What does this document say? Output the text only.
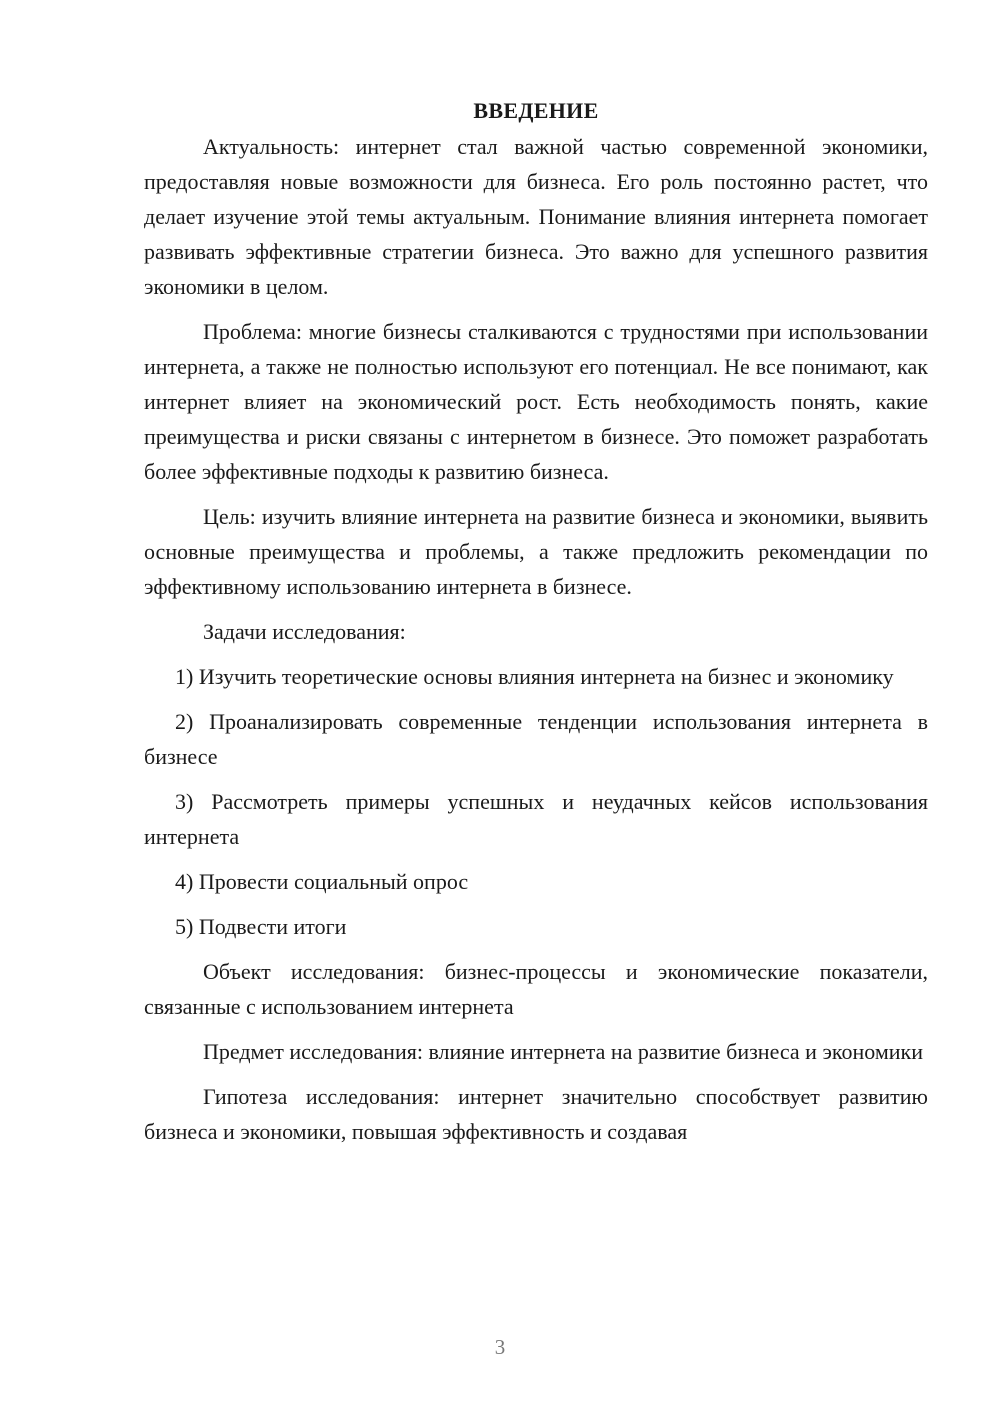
ВВЕДЕНИЕ
Актуальность: интернет стал важной частью современной экономики, предоставляя новые возможности для бизнеса. Его роль постоянно растет, что делает изучение этой темы актуальным. Понимание влияния интернета помогает развивать эффективные стратегии бизнеса. Это важно для успешного развития экономики в целом.
Проблема: многие бизнесы сталкиваются с трудностями при использовании интернета, а также не полностью используют его потенциал. Не все понимают, как интернет влияет на экономический рост. Есть необходимость понять, какие преимущества и риски связаны с интернетом в бизнесе. Это поможет разработать более эффективные подходы к развитию бизнеса.
Цель: изучить влияние интернета на развитие бизнеса и экономики, выявить основные преимущества и проблемы, а также предложить рекомендации по эффективному использованию интернета в бизнесе.
Задачи исследования:
1) Изучить теоретические основы влияния интернета на бизнес и экономику
2) Проанализировать современные тенденции использования интернета в бизнесе
3) Рассмотреть примеры успешных и неудачных кейсов использования интернета
4) Провести социальный опрос
5) Подвести итоги
Объект исследования: бизнес-процессы и экономические показатели, связанные с использованием интернета
Предмет исследования: влияние интернета на развитие бизнеса и экономики
Гипотеза исследования: интернет значительно способствует развитию бизнеса и экономики, повышая эффективность и создавая
3
